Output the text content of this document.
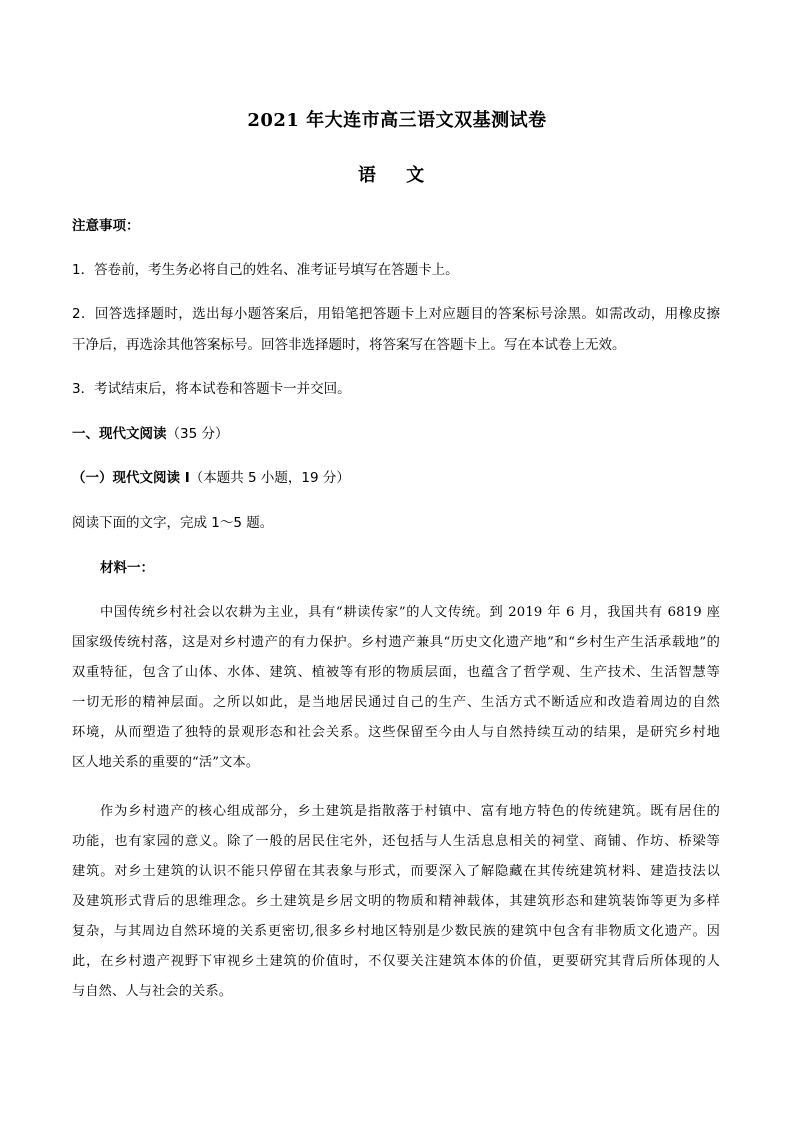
2021 年大连市高三语文双基测试卷

语 文

注意事项：

1．答卷前，考生务必将自己的姓名、准考证号填写在答题卡上。

2．回答选择题时，选出每小题答案后，用铅笔把答题卡上对应题目的答案标号涂黑。如需改动，用橡皮擦

干净后，再选涂其他答案标号。回答非选择题时，将答案写在答题卡上。写在本试卷上无效。

3．考试结束后，将本试卷和答题卡一并交回。

一、现代文阅读（35 分）

（一）现代文阅读 I（本题共 5 小题，19 分）

阅读下面的文字，完成 1～5 题。

材料一：

中国传统乡村社会以农耕为主业，具有“耕读传家”的人文传统。到 2019 年 6 月，我国共有 6819 座

国家级传统村落，这是对乡村遗产的有力保护。乡村遗产兼具“历史文化遗产地”和“乡村生产生活承载地”的

双重特征，包含了山体、水体、建筑、植被等有形的物质层面，也蕴含了哲学观、生产技术、生活智慧等

一切无形的精神层面。之所以如此，是当地居民通过自己的生产、生活方式不断适应和改造着周边的自然

环境，从而塑造了独特的景观形态和社会关系。这些保留至今由人与自然持续互动的结果，是研究乡村地

区人地关系的重要的“活”文本。

作为乡村遗产的核心组成部分，乡土建筑是指散落于村镇中、富有地方特色的传统建筑。既有居住的

功能，也有家园的意义。除了一般的居民住宅外，还包括与人生活息息相关的祠堂、商铺、作坊、桥梁等

建筑。对乡土建筑的认识不能只停留在其表象与形式，而要深入了解隐藏在其传统建筑材料、建造技法以

及建筑形式背后的思维理念。乡土建筑是乡居文明的物质和精神载体，其建筑形态和建筑装饰等更为多样

复杂，与其周边自然环境的关系更密切,很多乡村地区特别是少数民族的建筑中包含有非物质文化遗产。因

此，在乡村遗产视野下审视乡土建筑的价值时，不仅要关注建筑本体的价值，更要研究其背后所体现的人

与自然、人与社会的关系。
